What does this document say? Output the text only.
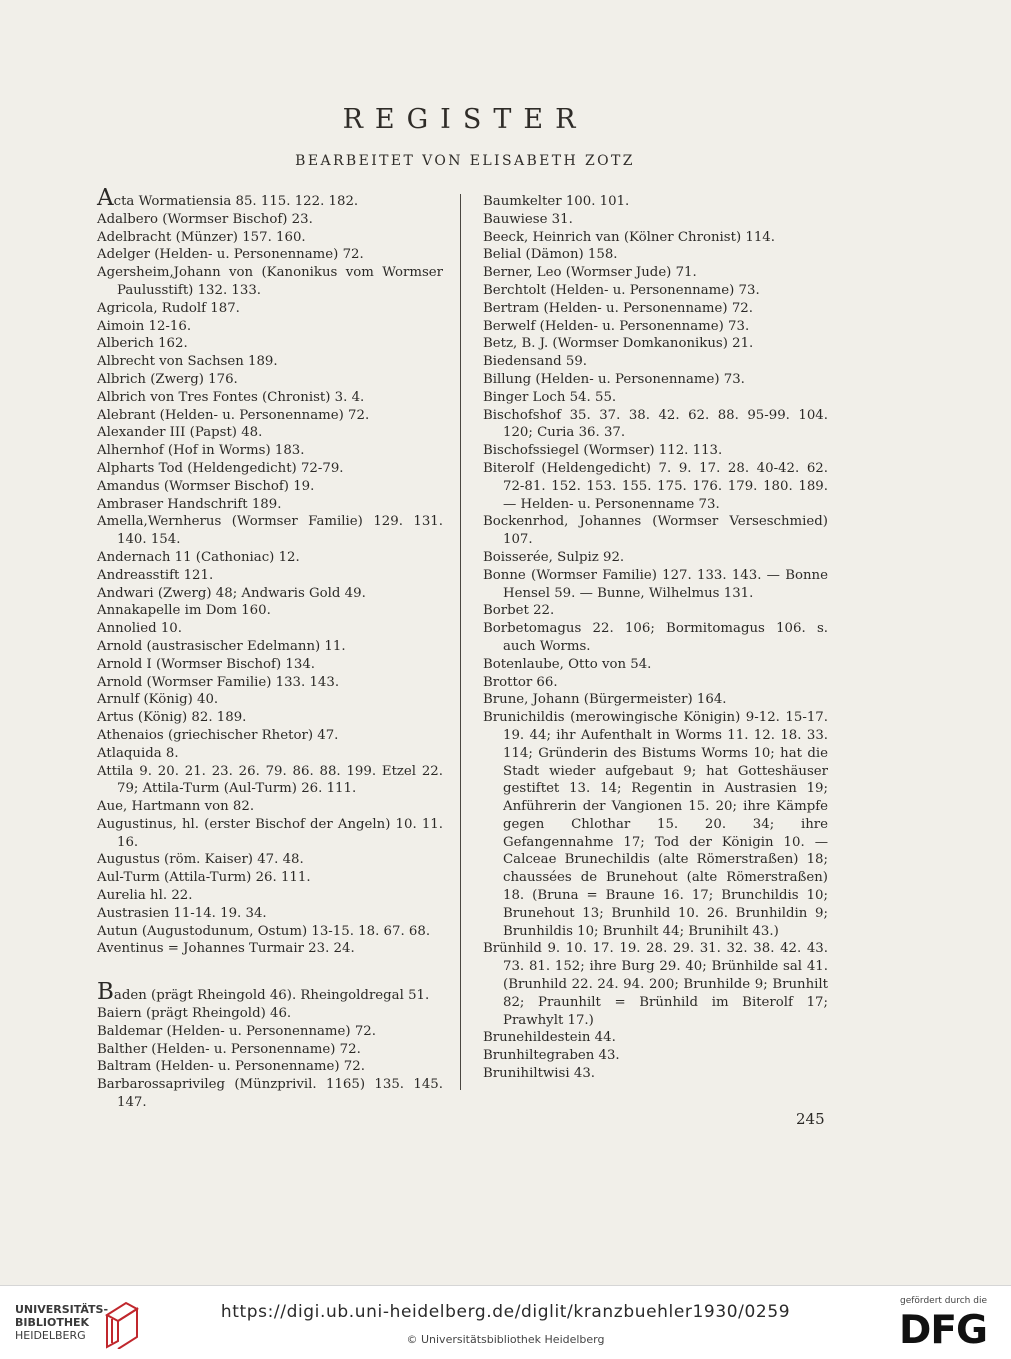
REGISTER
BEARBEITET VON ELISABETH ZOTZ
Acta Wormatiensia 85. 115. 122. 182.
Adalbero (Wormser Bischof) 23.
Adelbracht (Münzer) 157. 160.
Adelger (Helden- u. Personenname) 72.
Agersheim,Johann von (Kanonikus vom Wormser Paulusstift) 132. 133.
Agricola, Rudolf 187.
Aimoin 12-16.
Alberich 162.
Albrecht von Sachsen 189.
Albrich (Zwerg) 176.
Albrich von Tres Fontes (Chronist) 3. 4.
Alebrant (Helden- u. Personenname) 72.
Alexander III (Papst) 48.
Alhernhof (Hof in Worms) 183.
Alpharts Tod (Heldengedicht) 72-79.
Amandus (Wormser Bischof) 19.
Ambraser Handschrift 189.
Amella,Wernherus (Wormser Familie) 129. 131. 140. 154.
Andernach 11 (Cathoniac) 12.
Andreasstift 121.
Andwari (Zwerg) 48; Andwaris Gold 49.
Annakapelle im Dom 160.
Annolied 10.
Arnold (austrasischer Edelmann) 11.
Arnold I (Wormser Bischof) 134.
Arnold (Wormser Familie) 133. 143.
Arnulf (König) 40.
Artus (König) 82. 189.
Athenaios (griechischer Rhetor) 47.
Atlaquida 8.
Attila 9. 20. 21. 23. 26. 79. 86. 88. 199. Etzel 22. 79; Attila-Turm (Aul-Turm) 26. 111.
Aue, Hartmann von 82.
Augustinus, hl. (erster Bischof der Angeln) 10. 11. 16.
Augustus (röm. Kaiser) 47. 48.
Aul-Turm (Attila-Turm) 26. 111.
Aurelia hl. 22.
Austrasien 11-14. 19. 34.
Autun (Augustodunum, Ostum) 13-15. 18. 67. 68.
Aventinus = Johannes Turmair 23. 24.
Baden (prägt Rheingold 46). Rheingoldregal 51.
Baiern (prägt Rheingold) 46.
Baldemar (Helden- u. Personenname) 72.
Balther (Helden- u. Personenname) 72.
Baltram (Helden- u. Personenname) 72.
Barbarossaprivileg (Münzprivil. 1165) 135. 145. 147.
Baumkelter 100. 101.
Bauwiese 31.
Beeck, Heinrich van (Kölner Chronist) 114.
Belial (Dämon) 158.
Berner, Leo (Wormser Jude) 71.
Berchtolt (Helden- u. Personenname) 73.
Bertram (Helden- u. Personenname) 72.
Berwelf (Helden- u. Personenname) 73.
Betz, B. J. (Wormser Domkanonikus) 21.
Biedensand 59.
Billung (Helden- u. Personenname) 73.
Binger Loch 54. 55.
Bischofshof 35. 37. 38. 42. 62. 88. 95-99. 104. 120; Curia 36. 37.
Bischofssiegel (Wormser) 112. 113.
Biterolf (Heldengedicht) 7. 9. 17. 28. 40-42. 62. 72-81. 152. 153. 155. 175. 176. 179. 180. 189. — Helden- u. Personenname 73.
Bockenrhod, Johannes (Wormser Verseschmied) 107.
Boisserée, Sulpiz 92.
Bonne (Wormser Familie) 127. 133. 143. — Bonne Hensel 59. — Bunne, Wilhelmus 131.
Borbet 22.
Borbetomagus 22. 106; Bormitomagus 106. s. auch Worms.
Botenlaube, Otto von 54.
Brottor 66.
Brune, Johann (Bürgermeister) 164.
Brunichildis (merowingische Königin) 9-12. 15-17. 19. 44; ihr Aufenthalt in Worms 11. 12. 18. 33. 114; Gründerin des Bistums Worms 10; hat die Stadt wieder aufgebaut 9; hat Gotteshäuser gestiftet 13. 14; Regentin in Austrasien 19; Anführerin der Vangionen 15. 20; ihre Kämpfe gegen Chlothar 15. 20. 34; ihre Gefangennahme 17; Tod der Königin 10. — Calceae Brunechildis (alte Römerstraßen) 18; chaussées de Brunehout (alte Römerstraßen) 18. (Bruna = Braune 16. 17; Brunchildis 10; Brunehout 13; Brunhild 10. 26. Brunhildin 9; Brunhildis 10; Brunhilt 44; Brunihilt 43.)
Brünhild 9. 10. 17. 19. 28. 29. 31. 32. 38. 42. 43. 73. 81. 152; ihre Burg 29. 40; Brünhilde sal 41. (Brunhild 22. 24. 94. 200; Brunhilde 9; Brunhilt 82; Praunhilt = Brünhild im Biterolf 17; Prawhylt 17.)
Brunehildestein 44.
Brunhiltegraben 43.
Brunihiltwisi 43.
245
UNIVERSITÄTS-
BIBLIOTHEK
HEIDELBERG
https://digi.ub.uni-heidelberg.de/diglit/kranzbuehler1930/0259
© Universitätsbibliothek Heidelberg
gefördert durch die
DFG
